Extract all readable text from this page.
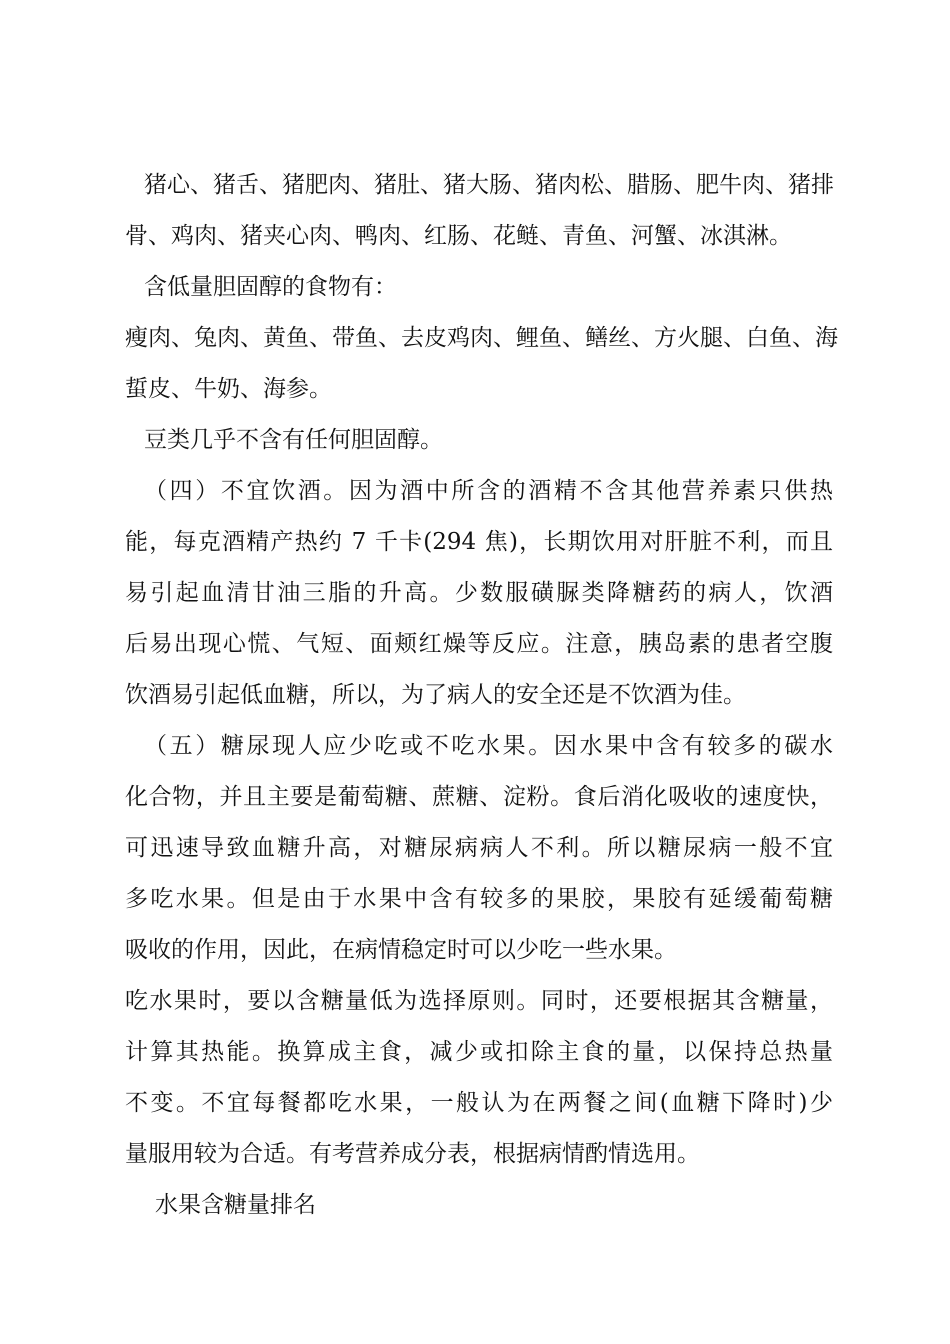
猪心、猪舌、猪肥肉、猪肚、猪大肠、猪肉松、腊肠、肥牛肉、猪排
骨、鸡肉、猪夹心肉、鸭肉、红肠、花鲢、青鱼、河蟹、冰淇淋。
含低量胆固醇的食物有：
瘦肉、兔肉、黄鱼、带鱼、去皮鸡肉、鲤鱼、鳝丝、方火腿、白鱼、海
蜇皮、牛奶、海参。
豆类几乎不含有任何胆固醇。
（四）不宜饮酒。因为酒中所含的酒精不含其他营养素只供热
能，每克酒精产热约 7 千卡(294 焦)，长期饮用对肝脏不利，而且
易引起血清甘油三脂的升高。少数服磺脲类降糖药的病人，饮酒
后易出现心慌、气短、面颊红燥等反应。注意，胰岛素的患者空腹
饮酒易引起低血糖，所以，为了病人的安全还是不饮酒为佳。
（五）糖尿现人应少吃或不吃水果。因水果中含有较多的碳水
化合物，并且主要是葡萄糖、蔗糖、淀粉。食后消化吸收的速度快，
可迅速导致血糖升高，对糖尿病病人不利。所以糖尿病一般不宜
多吃水果。但是由于水果中含有较多的果胶，果胶有延缓葡萄糖
吸收的作用，因此，在病情稳定时可以少吃一些水果。
吃水果时，要以含糖量低为选择原则。同时，还要根据其含糖量，
计算其热能。换算成主食，减少或扣除主食的量，以保持总热量
不变。不宜每餐都吃水果，一般认为在两餐之间(血糖下降时)少
量服用较为合适。有考营养成分表，根据病情酌情选用。
水果含糖量排名
